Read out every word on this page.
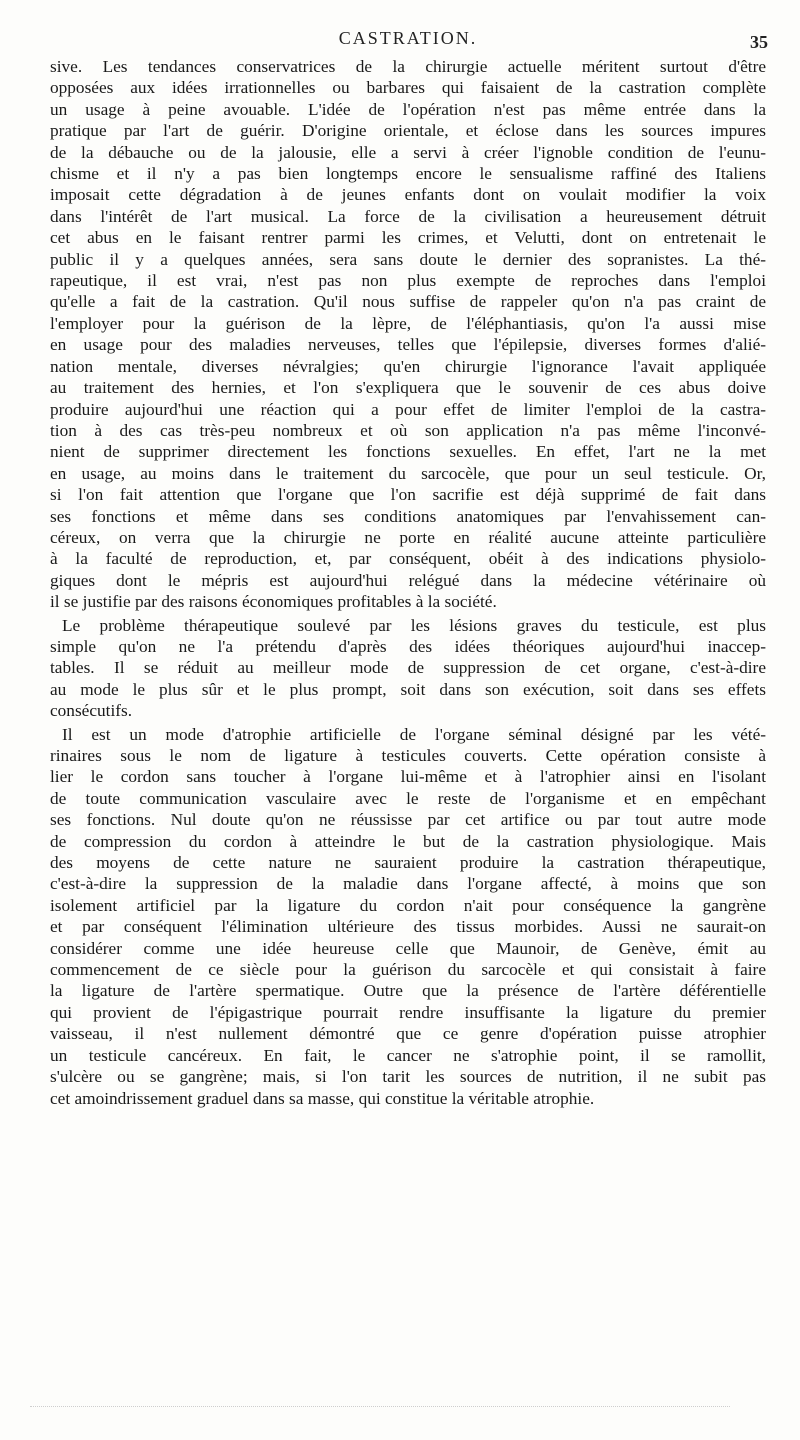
CASTRATION.	35
sive. Les tendances conservatrices de la chirurgie actuelle méritent surtout d'être
opposées aux idées irrationnelles ou barbares qui faisaient de la castration complète
un usage à peine avouable. L'idée de l'opération n'est pas même entrée dans la
pratique par l'art de guérir. D'origine orientale, et éclose dans les sources impures
de la débauche ou de la jalousie, elle a servi à créer l'ignoble condition de l'eunu-
chisme et il n'y a pas bien longtemps encore le sensualisme raffiné des Italiens
imposait cette dégradation à de jeunes enfants dont on voulait modifier la voix
dans l'intérêt de l'art musical. La force de la civilisation a heureusement détruit
cet abus en le faisant rentrer parmi les crimes, et Velutti, dont on entretenait le
public il y a quelques années, sera sans doute le dernier des sopranistes. La thé-
rapeutique, il est vrai, n'est pas non plus exempte de reproches dans l'emploi
qu'elle a fait de la castration. Qu'il nous suffise de rappeler qu'on n'a pas craint de
l'employer pour la guérison de la lèpre, de l'éléphantiasis, qu'on l'a aussi mise
en usage pour des maladies nerveuses, telles que l'épilepsie, diverses formes d'alié-
nation mentale, diverses névralgies; qu'en chirurgie l'ignorance l'avait appliquée
au traitement des hernies, et l'on s'expliquera que le souvenir de ces abus doive
produire aujourd'hui une réaction qui a pour effet de limiter l'emploi de la castra-
tion à des cas très-peu nombreux et où son application n'a pas même l'inconvé-
nient de supprimer directement les fonctions sexuelles. En effet, l'art ne la met
en usage, au moins dans le traitement du sarcocèle, que pour un seul testicule. Or,
si l'on fait attention que l'organe que l'on sacrifie est déjà supprimé de fait dans
ses fonctions et même dans ses conditions anatomiques par l'envahissement can-
céreux, on verra que la chirurgie ne porte en réalité aucune atteinte particulière
à la faculté de reproduction, et, par conséquent, obéit à des indications physiolo-
giques dont le mépris est aujourd'hui relégué dans la médecine vétérinaire où
il se justifie par des raisons économiques profitables à la société.
Le problème thérapeutique soulevé par les lésions graves du testicule, est plus
simple qu'on ne l'a prétendu d'après des idées théoriques aujourd'hui inaccep-
tables. Il se réduit au meilleur mode de suppression de cet organe, c'est-à-dire
au mode le plus sûr et le plus prompt, soit dans son exécution, soit dans ses effets
consécutifs.
Il est un mode d'atrophie artificielle de l'organe séminal désigné par les vété-
rinaires sous le nom de ligature à testicules couverts. Cette opération consiste à
lier le cordon sans toucher à l'organe lui-même et à l'atrophier ainsi en l'isolant
de toute communication vasculaire avec le reste de l'organisme et en empêchant
ses fonctions. Nul doute qu'on ne réussisse par cet artifice ou par tout autre mode
de compression du cordon à atteindre le but de la castration physiologique. Mais
des moyens de cette nature ne sauraient produire la castration thérapeutique,
c'est-à-dire la suppression de la maladie dans l'organe affecté, à moins que son
isolement artificiel par la ligature du cordon n'ait pour conséquence la gangrène
et par conséquent l'élimination ultérieure des tissus morbides. Aussi ne saurait-on
considérer comme une idée heureuse celle que Maunoir, de Genève, émit au
commencement de ce siècle pour la guérison du sarcocèle et qui consistait à faire
la ligature de l'artère spermatique. Outre que la présence de l'artère déférentielle
qui provient de l'épigastrique pourrait rendre insuffisante la ligature du premier
vaisseau, il n'est nullement démontré que ce genre d'opération puisse atrophier
un testicule cancéreux. En fait, le cancer ne s'atrophie point, il se ramollit,
s'ulcère ou se gangrène; mais, si l'on tarit les sources de nutrition, il ne subit pas
cet amoindrissement graduel dans sa masse, qui constitue la véritable atrophie.
